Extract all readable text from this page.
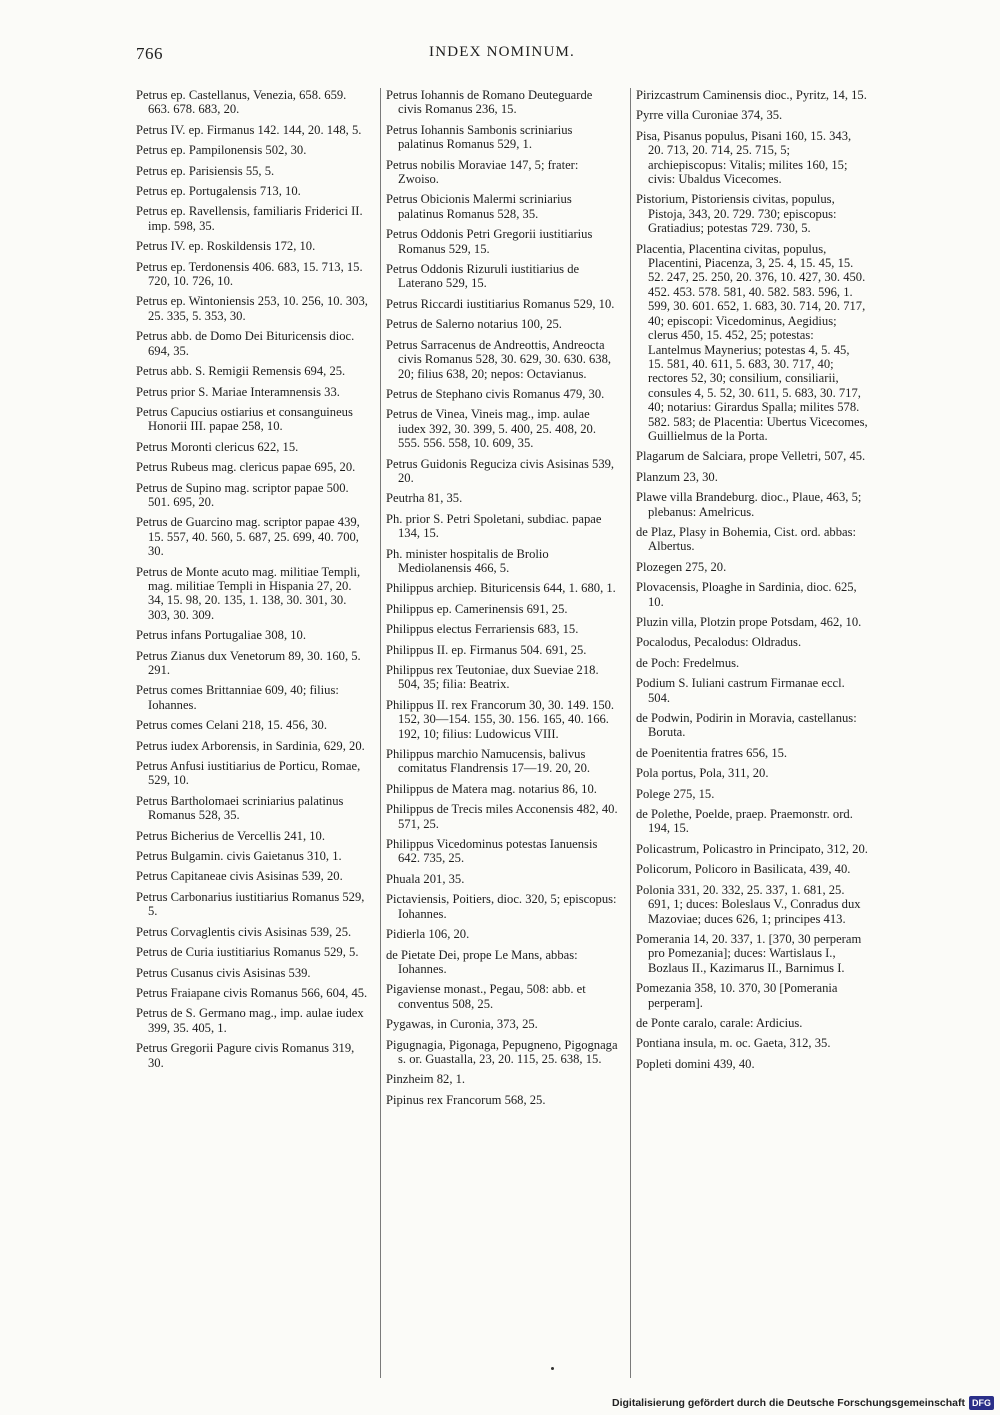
766	INDEX NOMINUM.
Petrus ep. Castellanus, Venezia, 658. 659. 663. 678. 683, 20.
Petrus IV. ep. Firmanus 142. 144, 20. 148, 5.
Petrus ep. Pampilonensis 502, 30.
Petrus ep. Parisiensis 55, 5.
Petrus ep. Portugalensis 713, 10.
Petrus ep. Ravellensis, familiaris Friderici II. imp. 598, 35.
Petrus IV. ep. Roskildensis 172, 10.
Petrus ep. Terdonensis 406. 683, 15. 713, 15. 720, 10. 726, 10.
Petrus ep. Wintoniensis 253, 10. 256, 10. 303, 25. 335, 5. 353, 30.
Petrus abb. de Domo Dei Bituricensis dioc. 694, 35.
Petrus abb. S. Remigii Remensis 694, 25.
Petrus prior S. Mariae Interamnensis 33.
Petrus Capucius ostiarius et consanguineus Honorii III. papae 258, 10.
Petrus Moronti clericus 622, 15.
Petrus Rubeus mag. clericus papae 695, 20.
Petrus de Supino mag. scriptor papae 500. 501. 695, 20.
Petrus de Guarcino mag. scriptor papae 439, 15. 557, 40. 560, 5. 687, 25. 699, 40. 700, 30.
Petrus de Monte acuto mag. militiae Templi, mag. militiae Templi in Hispania 27, 20. 34, 15. 98, 20. 135, 1. 138, 30. 301, 30. 303, 30. 309.
Petrus infans Portugaliae 308, 10.
Petrus Zianus dux Venetorum 89, 30. 160, 5. 291.
Petrus comes Brittanniae 609, 40; filius: Iohannes.
Petrus comes Celani 218, 15. 456, 30.
Petrus iudex Arborensis, in Sardinia, 629, 20.
Petrus Anfusi iustitiarius de Porticu, Romae, 529, 10.
Petrus Bartholomaei scriniarius palatinus Romanus 528, 35.
Petrus Bicherius de Vercellis 241, 10.
Petrus Bulgamin. civis Gaietanus 310, 1.
Petrus Capitaneae civis Asisinas 539, 20.
Petrus Carbonarius iustitiarius Romanus 529, 5.
Petrus Corvaglentis civis Asisinas 539, 25.
Petrus de Curia iustitiarius Romanus 529, 5.
Petrus Cusanus civis Asisinas 539.
Petrus Fraiapane civis Romanus 566, 604, 45.
Petrus de S. Germano mag., imp. aulae iudex 399, 35. 405, 1.
Petrus Gregorii Pagure civis Romanus 319, 30.
Petrus Iohannis de Romano Deuteguarde civis Romanus 236, 15.
Petrus Iohannis Sambonis scriniarius palatinus Romanus 529, 1.
Petrus nobilis Moraviae 147, 5; frater: Zwoiso.
Petrus Obicionis Malermi scriniarius palatinus Romanus 528, 35.
Petrus Oddonis Petri Gregorii iustitiarius Romanus 529, 15.
Petrus Oddonis Rizuruli iustitiarius de Laterano 529, 15.
Petrus Riccardi iustitiarius Romanus 529, 10.
Petrus de Salerno notarius 100, 25.
Petrus Sarracenus de Andreottis, Andreocta civis Romanus 528, 30. 629, 30. 630. 638, 20; filius 638, 20; nepos: Octavianus.
Petrus de Stephano civis Romanus 479, 30.
Petrus de Vinea, Vineis mag., imp. aulae iudex 392, 30. 399, 5. 400, 25. 408, 20. 555. 556. 558, 10. 609, 35.
Petrus Guidonis Reguciza civis Asisinas 539, 20.
Peutrha 81, 35.
Ph. prior S. Petri Spoletani, subdiac. papae 134, 15.
Ph. minister hospitalis de Brolio Mediolanensis 466, 5.
Philippus archiep. Bituricensis 644, 1. 680, 1.
Philippus ep. Camerinensis 691, 25.
Philippus electus Ferrariensis 683, 15.
Philippus II. ep. Firmanus 504. 691, 25.
Philippus rex Teutoniae, dux Sueviae 218. 504, 35; filia: Beatrix.
Philippus II. rex Francorum 30, 30. 149. 150. 152, 30—154. 155, 30. 156. 165, 40. 166. 192, 10; filius: Ludowicus VIII.
Philippus marchio Namucensis, balivus comitatus Flandrensis 17—19. 20, 20.
Philippus de Matera mag. notarius 86, 10.
Philippus de Trecis miles Acconensis 482, 40. 571, 25.
Philippus Vicedominus potestas Ianuensis 642. 735, 25.
Phuala 201, 35.
Pictaviensis, Poitiers, dioc. 320, 5; episcopus: Iohannes.
Pidierla 106, 20.
de Pietate Dei, prope Le Mans, abbas: Iohannes.
Pigaviense monast., Pegau, 508: abb. et conventus 508, 25.
Pygawas, in Curonia, 373, 25.
Pigugnagia, Pigonaga, Pepugneno, Pigognaga s. or. Guastalla, 23, 20. 115, 25. 638, 15.
Pinzheim 82, 1.
Pipinus rex Francorum 568, 25.
Pirizcastrum Caminensis dioc., Pyritz, 14, 15.
Pyrre villa Curoniae 374, 35.
Pisa, Pisanus populus, Pisani 160, 15. 343, 20. 713, 20. 714, 25. 715, 5; archiepiscopus: Vitalis; milites 160, 15; civis: Ubaldus Vicecomes.
Pistorium, Pistoriensis civitas, populus, Pistoja, 343, 20. 729. 730; episcopus: Gratiadius; potestas 729. 730, 5.
Placentia, Placentina civitas, populus, Placentini, Piacenza, 3, 25. 4, 15. 45, 15. 52. 247, 25. 250, 20. 376, 10. 427, 30. 450. 452. 453. 578. 581, 40. 582. 583. 596, 1. 599, 30. 601. 652, 1. 683, 30. 714, 20. 717, 40; episcopi: Vicedominus, Aegidius; clerus 450, 15. 452, 25; potestas: Lantelmus Maynerius; potestas 4, 5. 45, 15. 581, 40. 611, 5. 683, 30. 717, 40; rectores 52, 30; consilium, consiliarii, consules 4, 5. 52, 30. 611, 5. 683, 30. 717, 40; notarius: Girardus Spalla; milites 578. 582. 583; de Placentia: Ubertus Vicecomes, Guillielmus de la Porta.
Plagarum de Salciara, prope Velletri, 507, 45.
Planzum 23, 30.
Plawe villa Brandeburg. dioc., Plaue, 463, 5; plebanus: Amelricus.
de Plaz, Plasy in Bohemia, Cist. ord. abbas: Albertus.
Plozegen 275, 20.
Plovacensis, Ploaghe in Sardinia, dioc. 625, 10.
Pluzin villa, Plotzin prope Potsdam, 462, 10.
Pocalodus, Pecalodus: Oldradus.
de Poch: Fredelmus.
Podium S. Iuliani castrum Firmanae eccl. 504.
de Podwin, Podirin in Moravia, castellanus: Boruta.
de Poenitentia fratres 656, 15.
Pola portus, Pola, 311, 20.
Polege 275, 15.
de Polethe, Poelde, praep. Praemonstr. ord. 194, 15.
Policastrum, Policastro in Principato, 312, 20.
Policorum, Policoro in Basilicata, 439, 40.
Polonia 331, 20. 332, 25. 337, 1. 681, 25. 691, 1; duces: Boleslaus V., Conradus dux Mazoviae; duces 626, 1; principes 413.
Pomerania 14, 20. 337, 1. [370, 30 perperam pro Pomezania]; duces: Wartislaus I., Bozlaus II., Kazimarus II., Barnimus I.
Pomezania 358, 10. 370, 30 [Pomerania perperam].
de Ponte caralo, carale: Ardicius.
Pontiana insula, m. oc. Gaeta, 312, 35.
Popleti domini 439, 40.
Digitalisierung gefördert durch die Deutsche Forschungsgemeinschaft DFG
